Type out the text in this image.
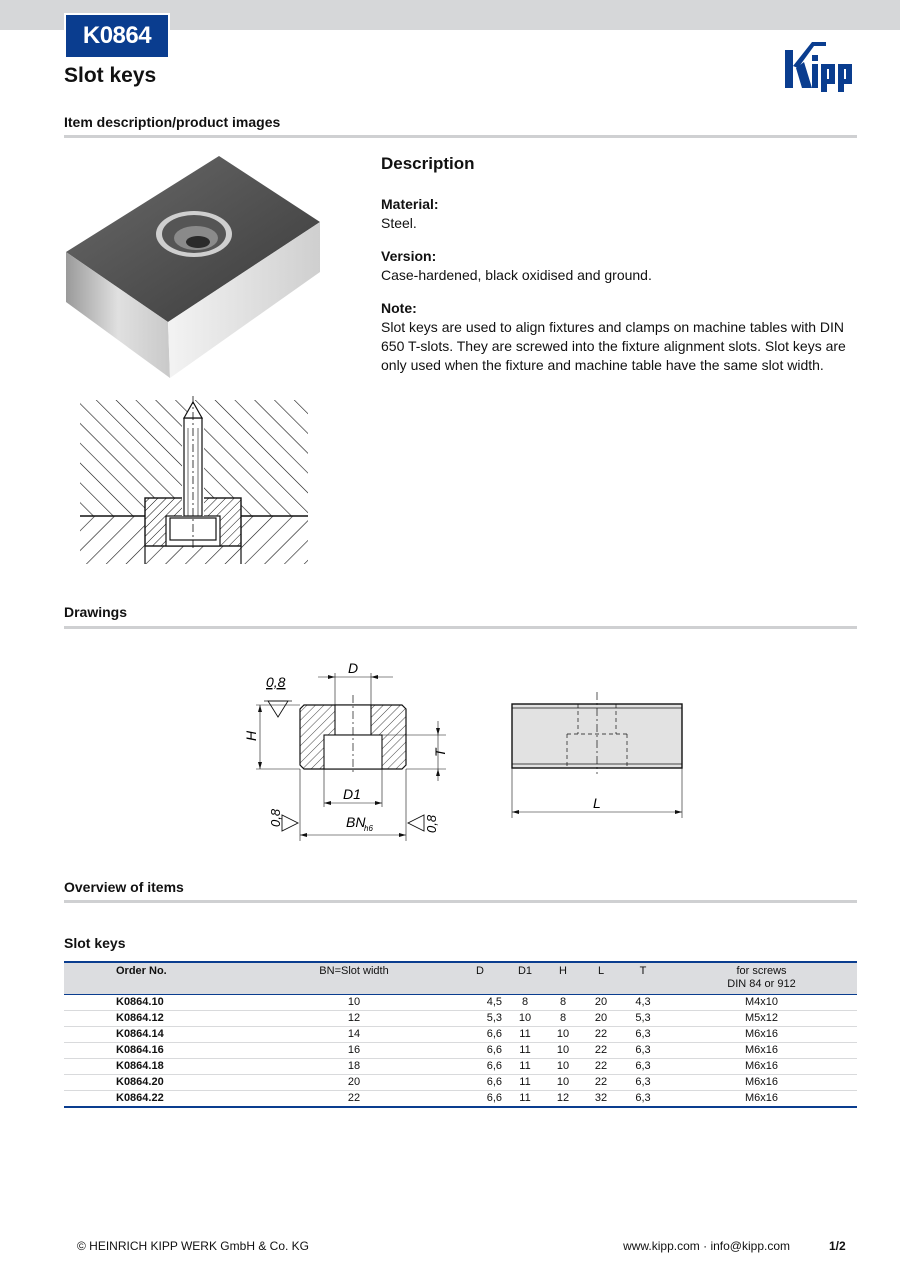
K0864
Slot keys
kipp
Item description/product images
Description
Material:

Steel.

Version:

Case-hardened, black oxidised and ground.

Note:

Slot keys are used to align fixtures and clamps on machine tables with DIN 650 T-slots. They are screwed into the fixture alignment slots. Slot keys are only used when the fixture and machine table have the same slot width.

Drawings
D
H
T
D1
BN
h6
0,8
0,8	0,8
L
Overview of items
Slot keys
Order No.	BN=Slot width	D	D1	H	L	T	for screws
DIN 84 or 912
K0864.10	10	4,5	8	8	20	4,3	M4x10
K0864.12	12	5,3	10	8	20	5,3	M5x12
K0864.14	14	6,6	11	10	22	6,3	M6x16
K0864.16	16	6,6	11	10	22	6,3	M6x16
K0864.18	18	6,6	11	10	22	6,3	M6x16
K0864.20	20	6,6	11	10	22	6,3	M6x16
K0864.22	22	6,6	11	12	32	6,3	M6x16
© HEINRICH KIPP WERK GmbH & Co. KG	www.kipp.com · info@kipp.com	1/2
